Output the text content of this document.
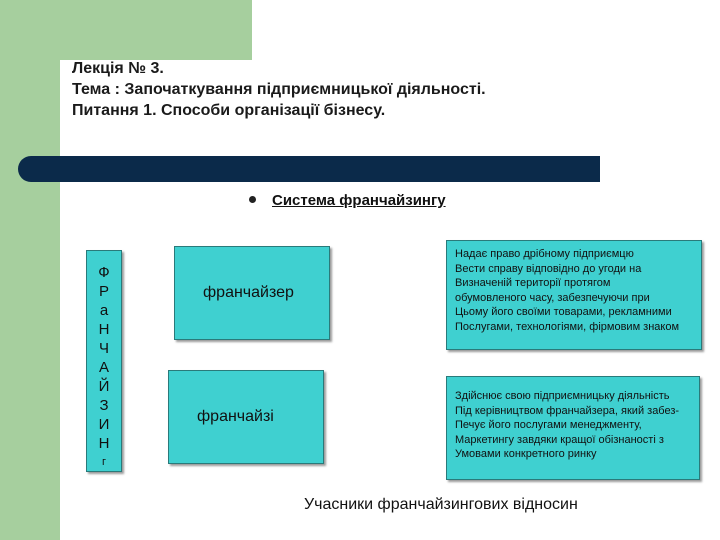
Лекція № 3.
Тема : Започаткування підприємницької діяльності.
Питання 1. Способи організації бізнесу.
Система франчайзингу
Ф
Р
а
Н
Ч
А
Й
З
И
Н
г
франчайзер
франчайзі
Надає право дрібному підприємцю
Вести справу відповідно до угоди на
Визначеній території протягом
обумовленого часу, забезпечуючи при
Цьому його своїми товарами, рекламними
Послугами, технологіями, фірмовим знаком
Здійснює свою підприємницьку діяльність
Під керівництвом франчайзера, який забез-
Печує його послугами менеджменту,
Маркетингу завдяки кращої обізнаності з
Умовами конкретного ринку
Учасники франчайзингових відносин
